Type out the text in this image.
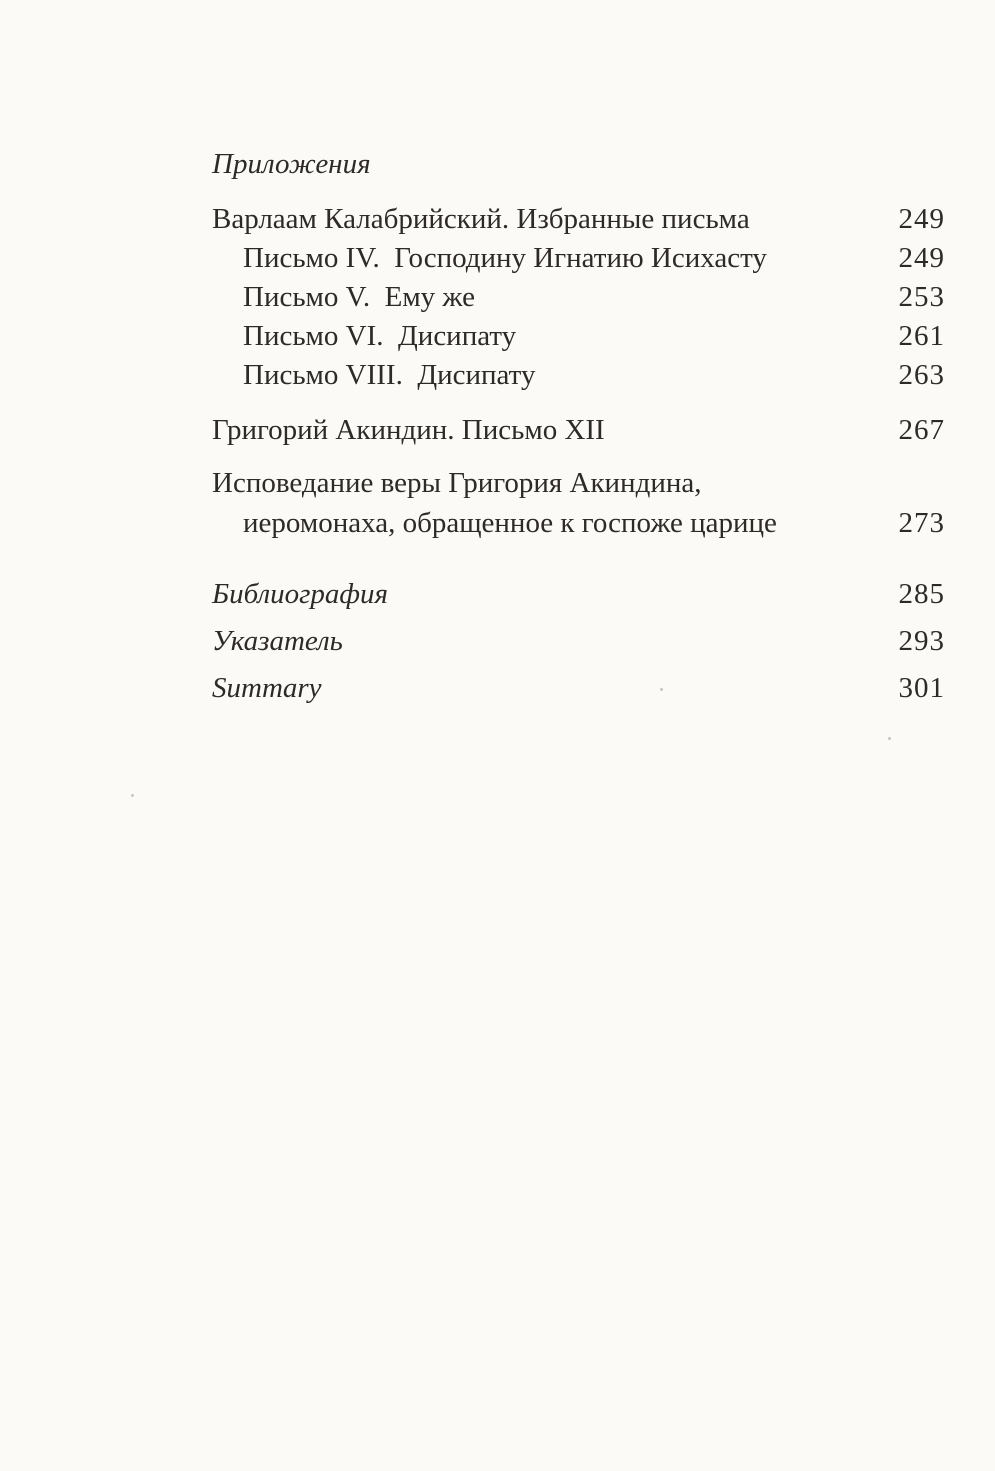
Приложения
Варлаам Калабрийский. Избранные письма	249
Письмо IV.  Господину Игнатию Исихасту	249
Письмо V.  Ему же	253
Письмо VI.  Дисипату	261
Письмо VIII.  Дисипату	263
Григорий Акиндин. Письмо XII	267
Исповедание веры Григория Акиндина,
иеромонаха, обращенное к госпоже царице	273
Библиография	285
Указатель	293
Summary	301
